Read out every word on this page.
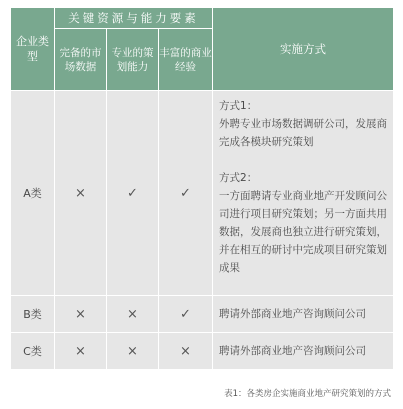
企业类型	关键资源与能力要素			实施方式
	完备的市场数据	专业的策划能力	丰富的商业经验	
A类	×	✓	✓	方式1：
外聘专业市场数据调研公司，发展商完成各模块研究策划
方式2：
一方面聘请专业商业地产开发顾问公司进行项目研究策划；另一方面共用数据，发展商也独立进行研究策划，并在相互的研讨中完成项目研究策划成果

B类	×	×	✓	聘请外部商业地产咨询顾问公司

C类	×	×	×	聘请外部商业地产咨询顾问公司
表1：各类房企实施商业地产研究策划的方式
